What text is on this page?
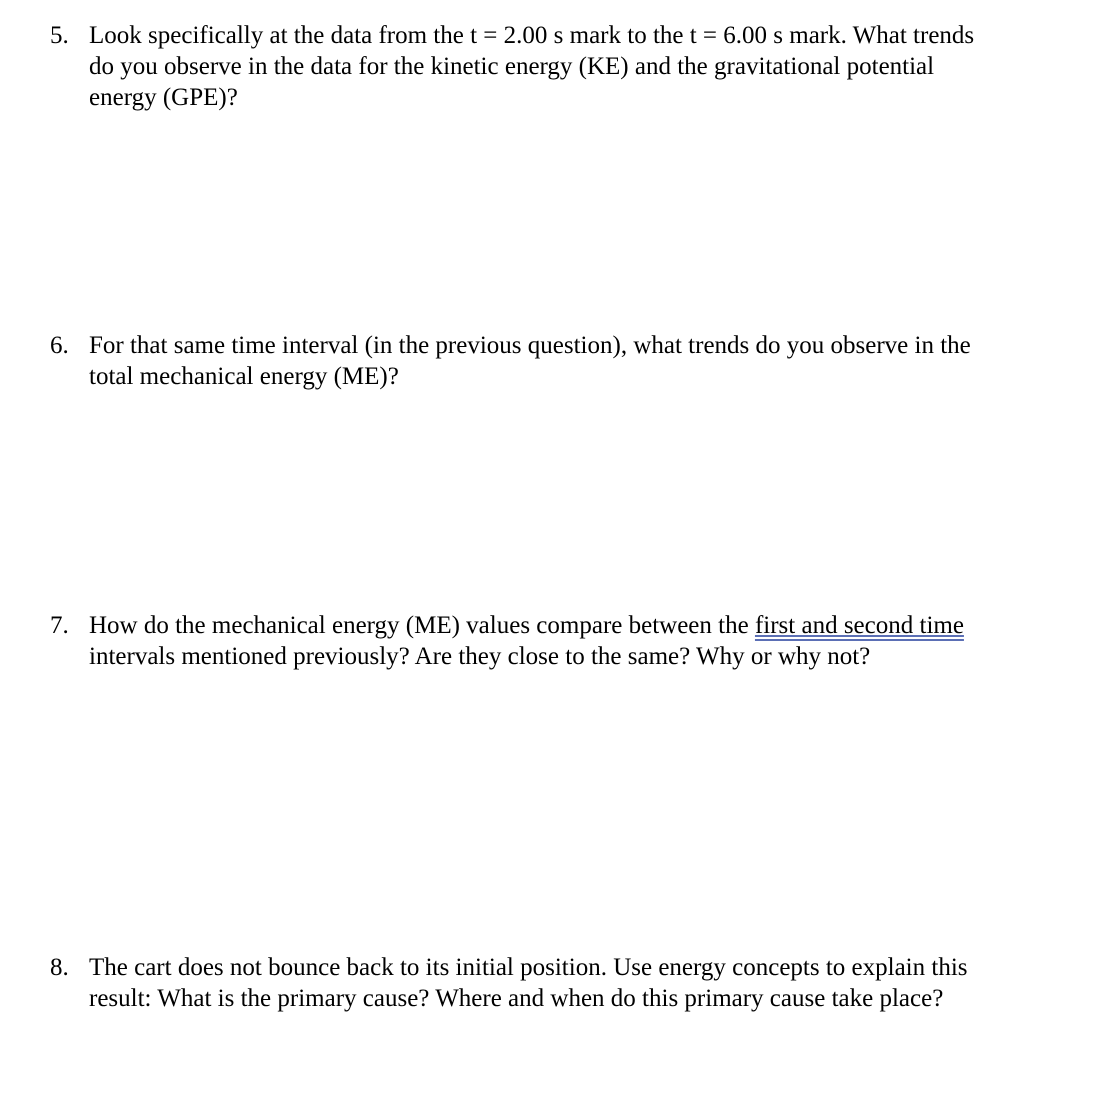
5. Look specifically at the data from the t = 2.00 s mark to the t = 6.00 s mark. What trends
do you observe in the data for the kinetic energy (KE) and the gravitational potential
energy (GPE)?
6. For that same time interval (in the previous question), what trends do you observe in the
total mechanical energy (ME)?
7. How do the mechanical energy (ME) values compare between the first and second time
intervals mentioned previously? Are they close to the same? Why or why not?
8. The cart does not bounce back to its initial position. Use energy concepts to explain this
result: What is the primary cause? Where and when do this primary cause take place?
